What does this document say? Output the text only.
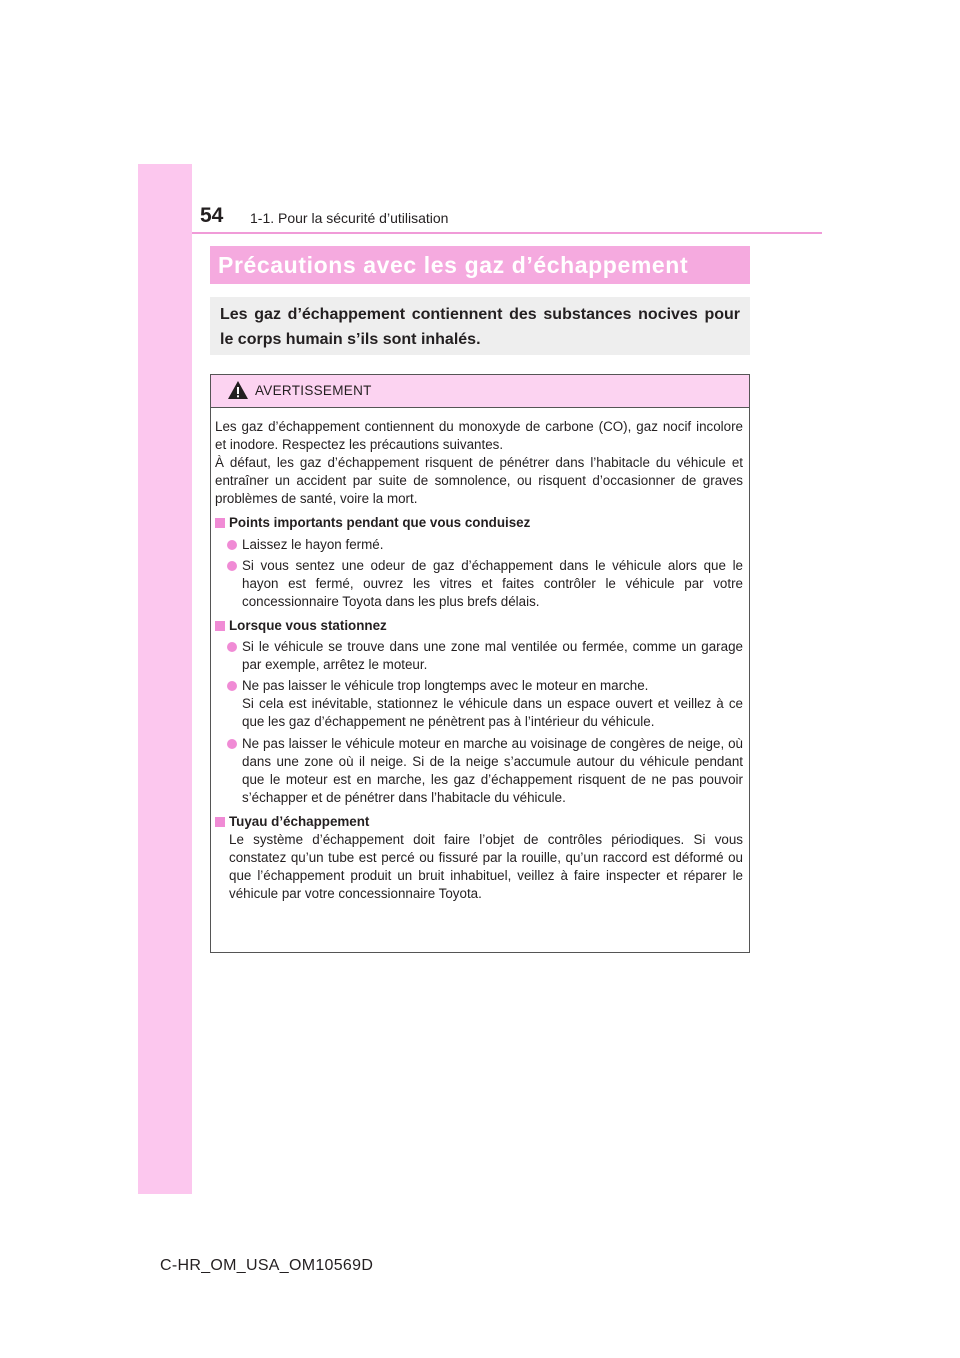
54 1-1. Pour la sécurité d’utilisation
Précautions avec les gaz d’échappement
Les gaz d’échappement contiennent des substances nocives pour le corps humain s’ils sont inhalés.
AVERTISSEMENT

Les gaz d’échappement contiennent du monoxyde de carbone (CO), gaz nocif incolore et inodore. Respectez les précautions suivantes.

À défaut, les gaz d’échappement risquent de pénétrer dans l’habitacle du véhicule et entraîner un accident par suite de somnolence, ou risquent d’occasionner de graves problèmes de santé, voire la mort.

Points importants pendant que vous conduisez
Laissez le hayon fermé.
Si vous sentez une odeur de gaz d’échappement dans le véhicule alors que le hayon est fermé, ouvrez les vitres et faites contrôler le véhicule par votre concessionnaire Toyota dans les plus brefs délais.
Lorsque vous stationnez
Si le véhicule se trouve dans une zone mal ventilée ou fermée, comme un garage par exemple, arrêtez le moteur.
Ne pas laisser le véhicule trop longtemps avec le moteur en marche.
Si cela est inévitable, stationnez le véhicule dans un espace ouvert et veillez à ce que les gaz d’échappement ne pénètrent pas à l’intérieur du véhicule.
Ne pas laisser le véhicule moteur en marche au voisinage de congères de neige, où dans une zone où il neige. Si de la neige s’accumule autour du véhicule pendant que le moteur est en marche, les gaz d’échappement risquent de ne pas pouvoir s’échapper et de pénétrer dans l’habitacle du véhicule.
Tuyau d’échappement
Le système d’échappement doit faire l’objet de contrôles périodiques. Si vous constatez qu’un tube est percé ou fissuré par la rouille, qu’un raccord est déformé ou que l’échappement produit un bruit inhabituel, veillez à faire inspecter et réparer le véhicule par votre concessionnaire Toyota.
C-HR_OM_USA_OM10569D
